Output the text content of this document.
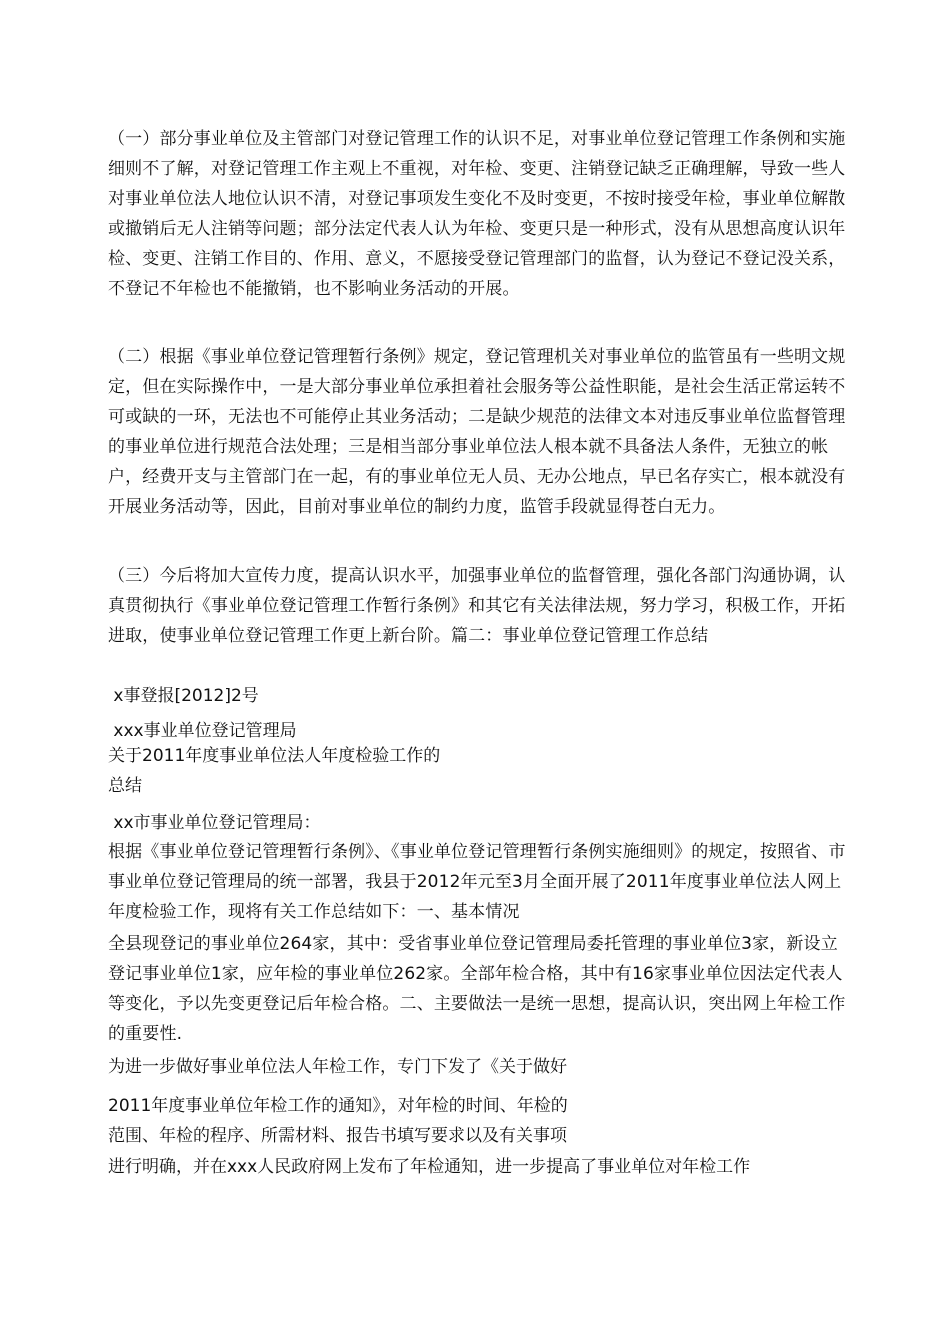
（一）部分事业单位及主管部门对登记管理工作的认识不足，对事业单位登记管理工作条例和实施细则不了解，对登记管理工作主观上不重视，对年检、变更、注销登记缺乏正确理解，导致一些人对事业单位法人地位认识不清，对登记事项发生变化不及时变更，不按时接受年检，事业单位解散或撤销后无人注销等问题；部分法定代表人认为年检、变更只是一种形式，没有从思想高度认识年检、变更、注销工作目的、作用、意义，不愿接受登记管理部门的监督，认为登记不登记没关系，不登记不年检也不能撤销，也不影响业务活动的开展。
（二）根据《事业单位登记管理暂行条例》规定，登记管理机关对事业单位的监管虽有一些明文规定，但在实际操作中，一是大部分事业单位承担着社会服务等公益性职能，是社会生活正常运转不可或缺的一环，无法也不可能停止其业务活动；二是缺少规范的法律文本对违反事业单位监督管理的事业单位进行规范合法处理；三是相当部分事业单位法人根本就不具备法人条件，无独立的帐户，经费开支与主管部门在一起，有的事业单位无人员、无办公地点，早已名存实亡，根本就没有开展业务活动等，因此，目前对事业单位的制约力度，监管手段就显得苍白无力。
（三）今后将加大宣传力度，提高认识水平，加强事业单位的监督管理，强化各部门沟通协调，认真贯彻执行《事业单位登记管理工作暂行条例》和其它有关法律法规，努力学习，积极工作，开拓进取，使事业单位登记管理工作更上新台阶。篇二：事业单位登记管理工作总结
x事登报[2012]2号
xxx事业单位登记管理局
关于2011年度事业单位法人年度检验工作的
总结
xx市事业单位登记管理局：
根据《事业单位登记管理暂行条例》、《事业单位登记管理暂行条例实施细则》的规定，按照省、市事业单位登记管理局的统一部署，我县于2012年元至3月全面开展了2011年度事业单位法人网上年度检验工作，现将有关工作总结如下：一、基本情况
全县现登记的事业单位264家，其中：受省事业单位登记管理局委托管理的事业单位3家，新设立登记事业单位1家，应年检的事业单位262家。全部年检合格，其中有16家事业单位因法定代表人等变化，予以先变更登记后年检合格。二、主要做法一是统一思想，提高认识，突出网上年检工作的重要性.
为进一步做好事业单位法人年检工作，专门下发了《关于做好
2011年度事业单位年检工作的通知》，对年检的时间、年检的
范围、年检的程序、所需材料、报告书填写要求以及有关事项
进行明确，并在xxx人民政府网上发布了年检通知，进一步提高了事业单位对年检工作
